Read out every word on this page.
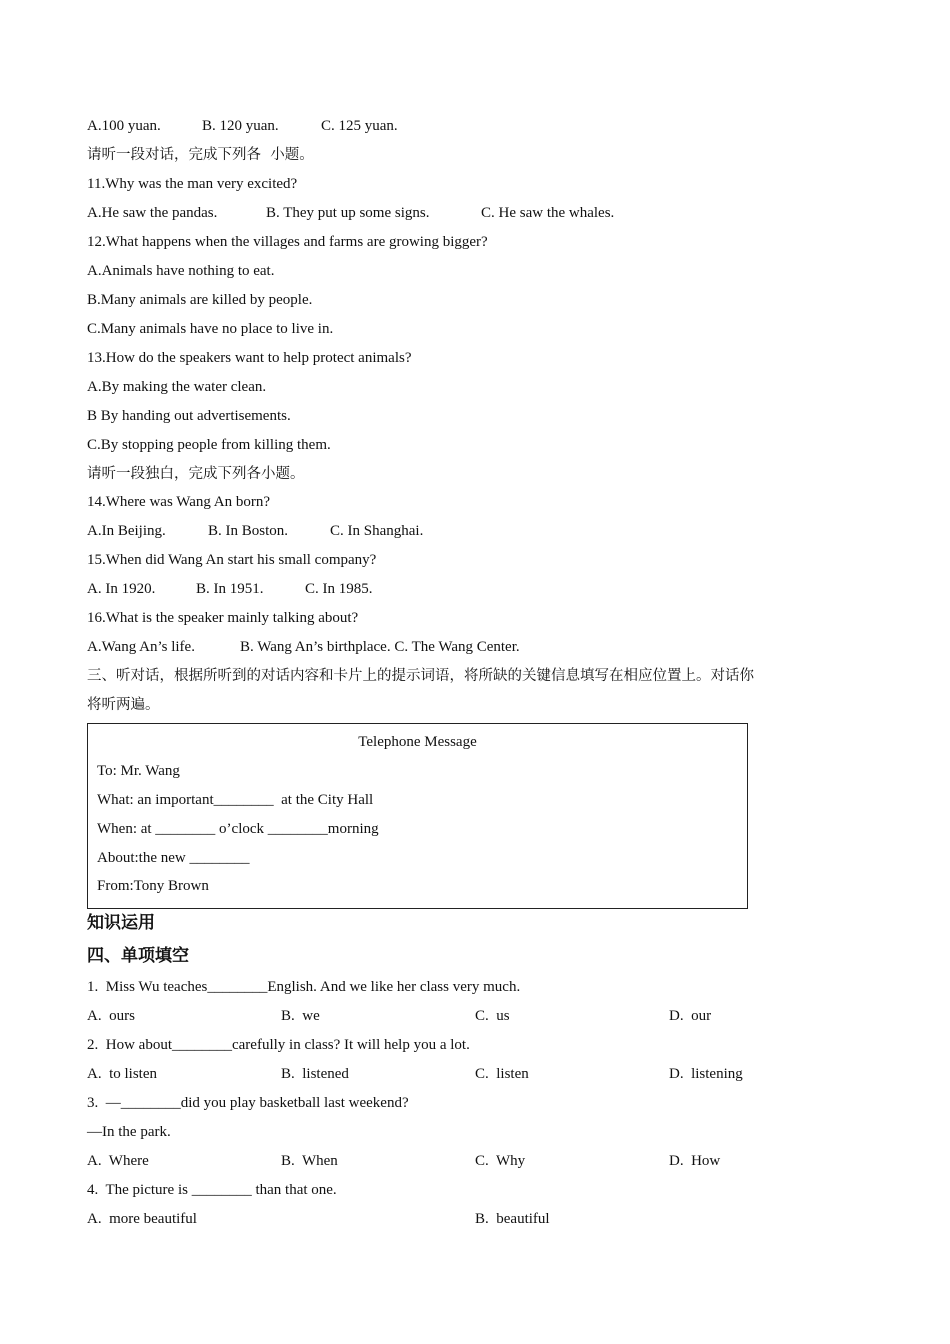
A.100 yuan.	B. 120 yuan.	C. 125 yuan.
请听一段对话，完成下列各  小题。
11.Why was the man very excited?
A.He saw the pandas.	B. They put up some signs.	C. He saw the whales.
12.What happens when the villages and farms are growing bigger?
A.Animals have nothing to eat.
B.Many animals are killed by people.
C.Many animals have no place to live in.
13.How do the speakers want to help protect animals?
A.By making the water clean.
B By handing out advertisements.
C.By stopping people from killing them.
请听一段独白，完成下列各小题。
14.Where was Wang An born?
A.In Beijing.	B. In Boston.	C. In Shanghai.
15.When did Wang An start his small company?
A. In 1920.	B. In 1951.	C. In 1985.
16.What is the speaker mainly talking about?
A.Wang An’s life.	B. Wang An’s birthplace. C. The Wang Center.
三、听对话，根据所听到的对话内容和卡片上的提示词语，将所缺的关键信息填写在相应位置上。对话你
将听两遍。
Telephone Message
To: Mr. Wang
What: an important________  at the City Hall
When: at ________ o’clock ________morning
About:the new ________
From:Tony Brown
知识运用
四、单项填空
1.  Miss Wu teaches________English. And we like her class very much.
A.  ours	B.  we	C.  us	D.  our
2.  How about________carefully in class? It will help you a lot.
A.  to listen	B.  listened	C.  listen	D.  listening
3.  —________did you play basketball last weekend?
—In the park.
A.  Where	B.  When	C.  Why	D.  How
4.  The picture is ________ than that one.
A.  more beautiful	B.  beautiful
